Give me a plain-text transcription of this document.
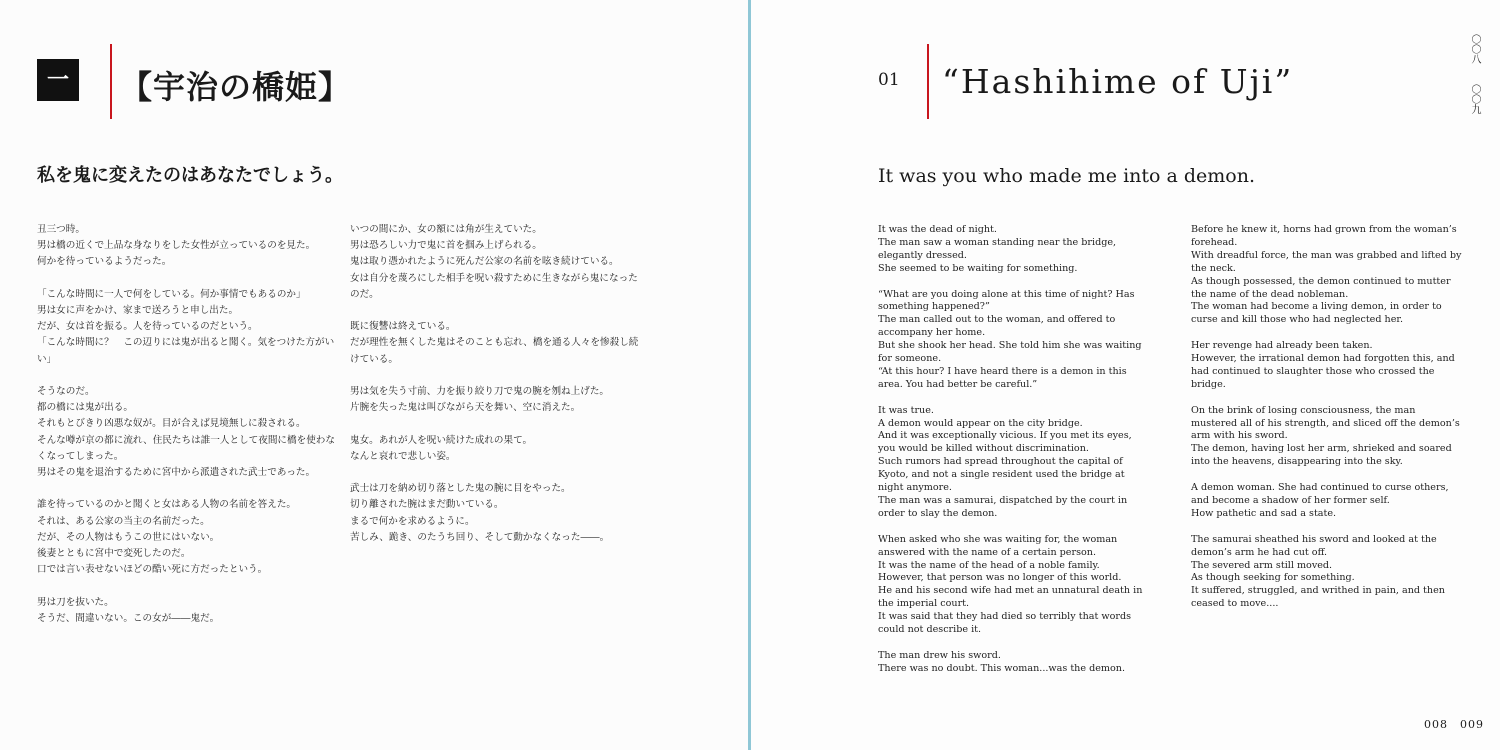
一	【宇治の橋姫】
私を鬼に変えたのはあなたでしょう。

丑三つ時。
男は橋の近くで上品な身なりをした女性が立っているのを見た。
何かを待っているようだった。

「こんな時間に一人で何をしている。何か事情でもあるのか」
男は女に声をかけ、家まで送ろうと申し出た。
だが、女は首を振る。人を待っているのだという。
「こんな時間に？　この辺りには鬼が出ると聞く。気をつけた方がいい」

そうなのだ。
都の橋には鬼が出る。
それもとびきり凶悪な奴が。目が合えば見境無しに殺される。
そんな噂が京の都に流れ、住民たちは誰一人として夜間に橋を使わなくなってしまった。
男はその鬼を退治するために宮中から派遣された武士であった。

誰を待っているのかと聞くと女はある人物の名前を答えた。
それは、ある公家の当主の名前だった。
だが、その人物はもうこの世にはいない。
後妻とともに宮中で変死したのだ。
口では言い表せないほどの酷い死に方だったという。

男は刀を抜いた。
そうだ、間違いない。この女が――鬼だ。

いつの間にか、女の額には角が生えていた。
男は恐ろしい力で鬼に首を掴み上げられる。
鬼は取り憑かれたように死んだ公家の名前を呟き続けている。
女は自分を蔑ろにした相手を呪い殺すために生きながら鬼になったのだ。

既に復讐は終えている。
だが理性を無くした鬼はそのことも忘れ、橋を通る人々を惨殺し続けている。

男は気を失う寸前、力を振り絞り刀で鬼の腕を刎ね上げた。
片腕を失った鬼は叫びながら天を舞い、空に消えた。

鬼女。あれが人を呪い続けた成れの果て。
なんと哀れで悲しい姿。

武士は刀を納め切り落とした鬼の腕に目をやった。
切り離された腕はまだ動いている。
まるで何かを求めるように。
苦しみ、跪き、のたうち回り、そして動かなくなった――。

01 “Hashihime of Uji”
It was you who made me into a demon.

It was the dead of night.
The man saw a woman standing near the bridge, elegantly dressed.
She seemed to be waiting for something.

“What are you doing alone at this time of night? Has something happened?”
The man called out to the woman, and offered to accompany her home.
But she shook her head. She told him she was waiting for someone.
“At this hour? I have heard there is a demon in this area. You had better be careful.”

It was true.
A demon would appear on the city bridge.
And it was exceptionally vicious. If you met its eyes, you would be killed without discrimination.
Such rumors had spread throughout the capital of Kyoto, and not a single resident used the bridge at night anymore.
The man was a samurai, dispatched by the court in order to slay the demon.

When asked who she was waiting for, the woman answered with the name of a certain person.
It was the name of the head of a noble family.
However, that person was no longer of this world.
He and his second wife had met an unnatural death in the imperial court.
It was said that they had died so terribly that words could not describe it.

The man drew his sword.
There was no doubt. This woman...was the demon.

Before he knew it, horns had grown from the woman’s forehead.
With dreadful force, the man was grabbed and lifted by the neck.
As though possessed, the demon continued to mutter the name of the dead nobleman.
The woman had become a living demon, in order to curse and kill those who had neglected her.

Her revenge had already been taken.
However, the irrational demon had forgotten this, and had continued to slaughter those who crossed the bridge.

On the brink of losing consciousness, the man mustered all of his strength, and sliced off the demon’s arm with his sword.
The demon, having lost her arm, shrieked and soared into the heavens, disappearing into the sky.

A demon woman. She had continued to curse others, and become a shadow of her former self.
How pathetic and sad a state.

The samurai sheathed his sword and looked at the demon’s arm he had cut off.
The severed arm still moved.
As though seeking for something.
It suffered, struggled, and writhed in pain, and then ceased to move....

〇〇八
〇〇九
008　009
